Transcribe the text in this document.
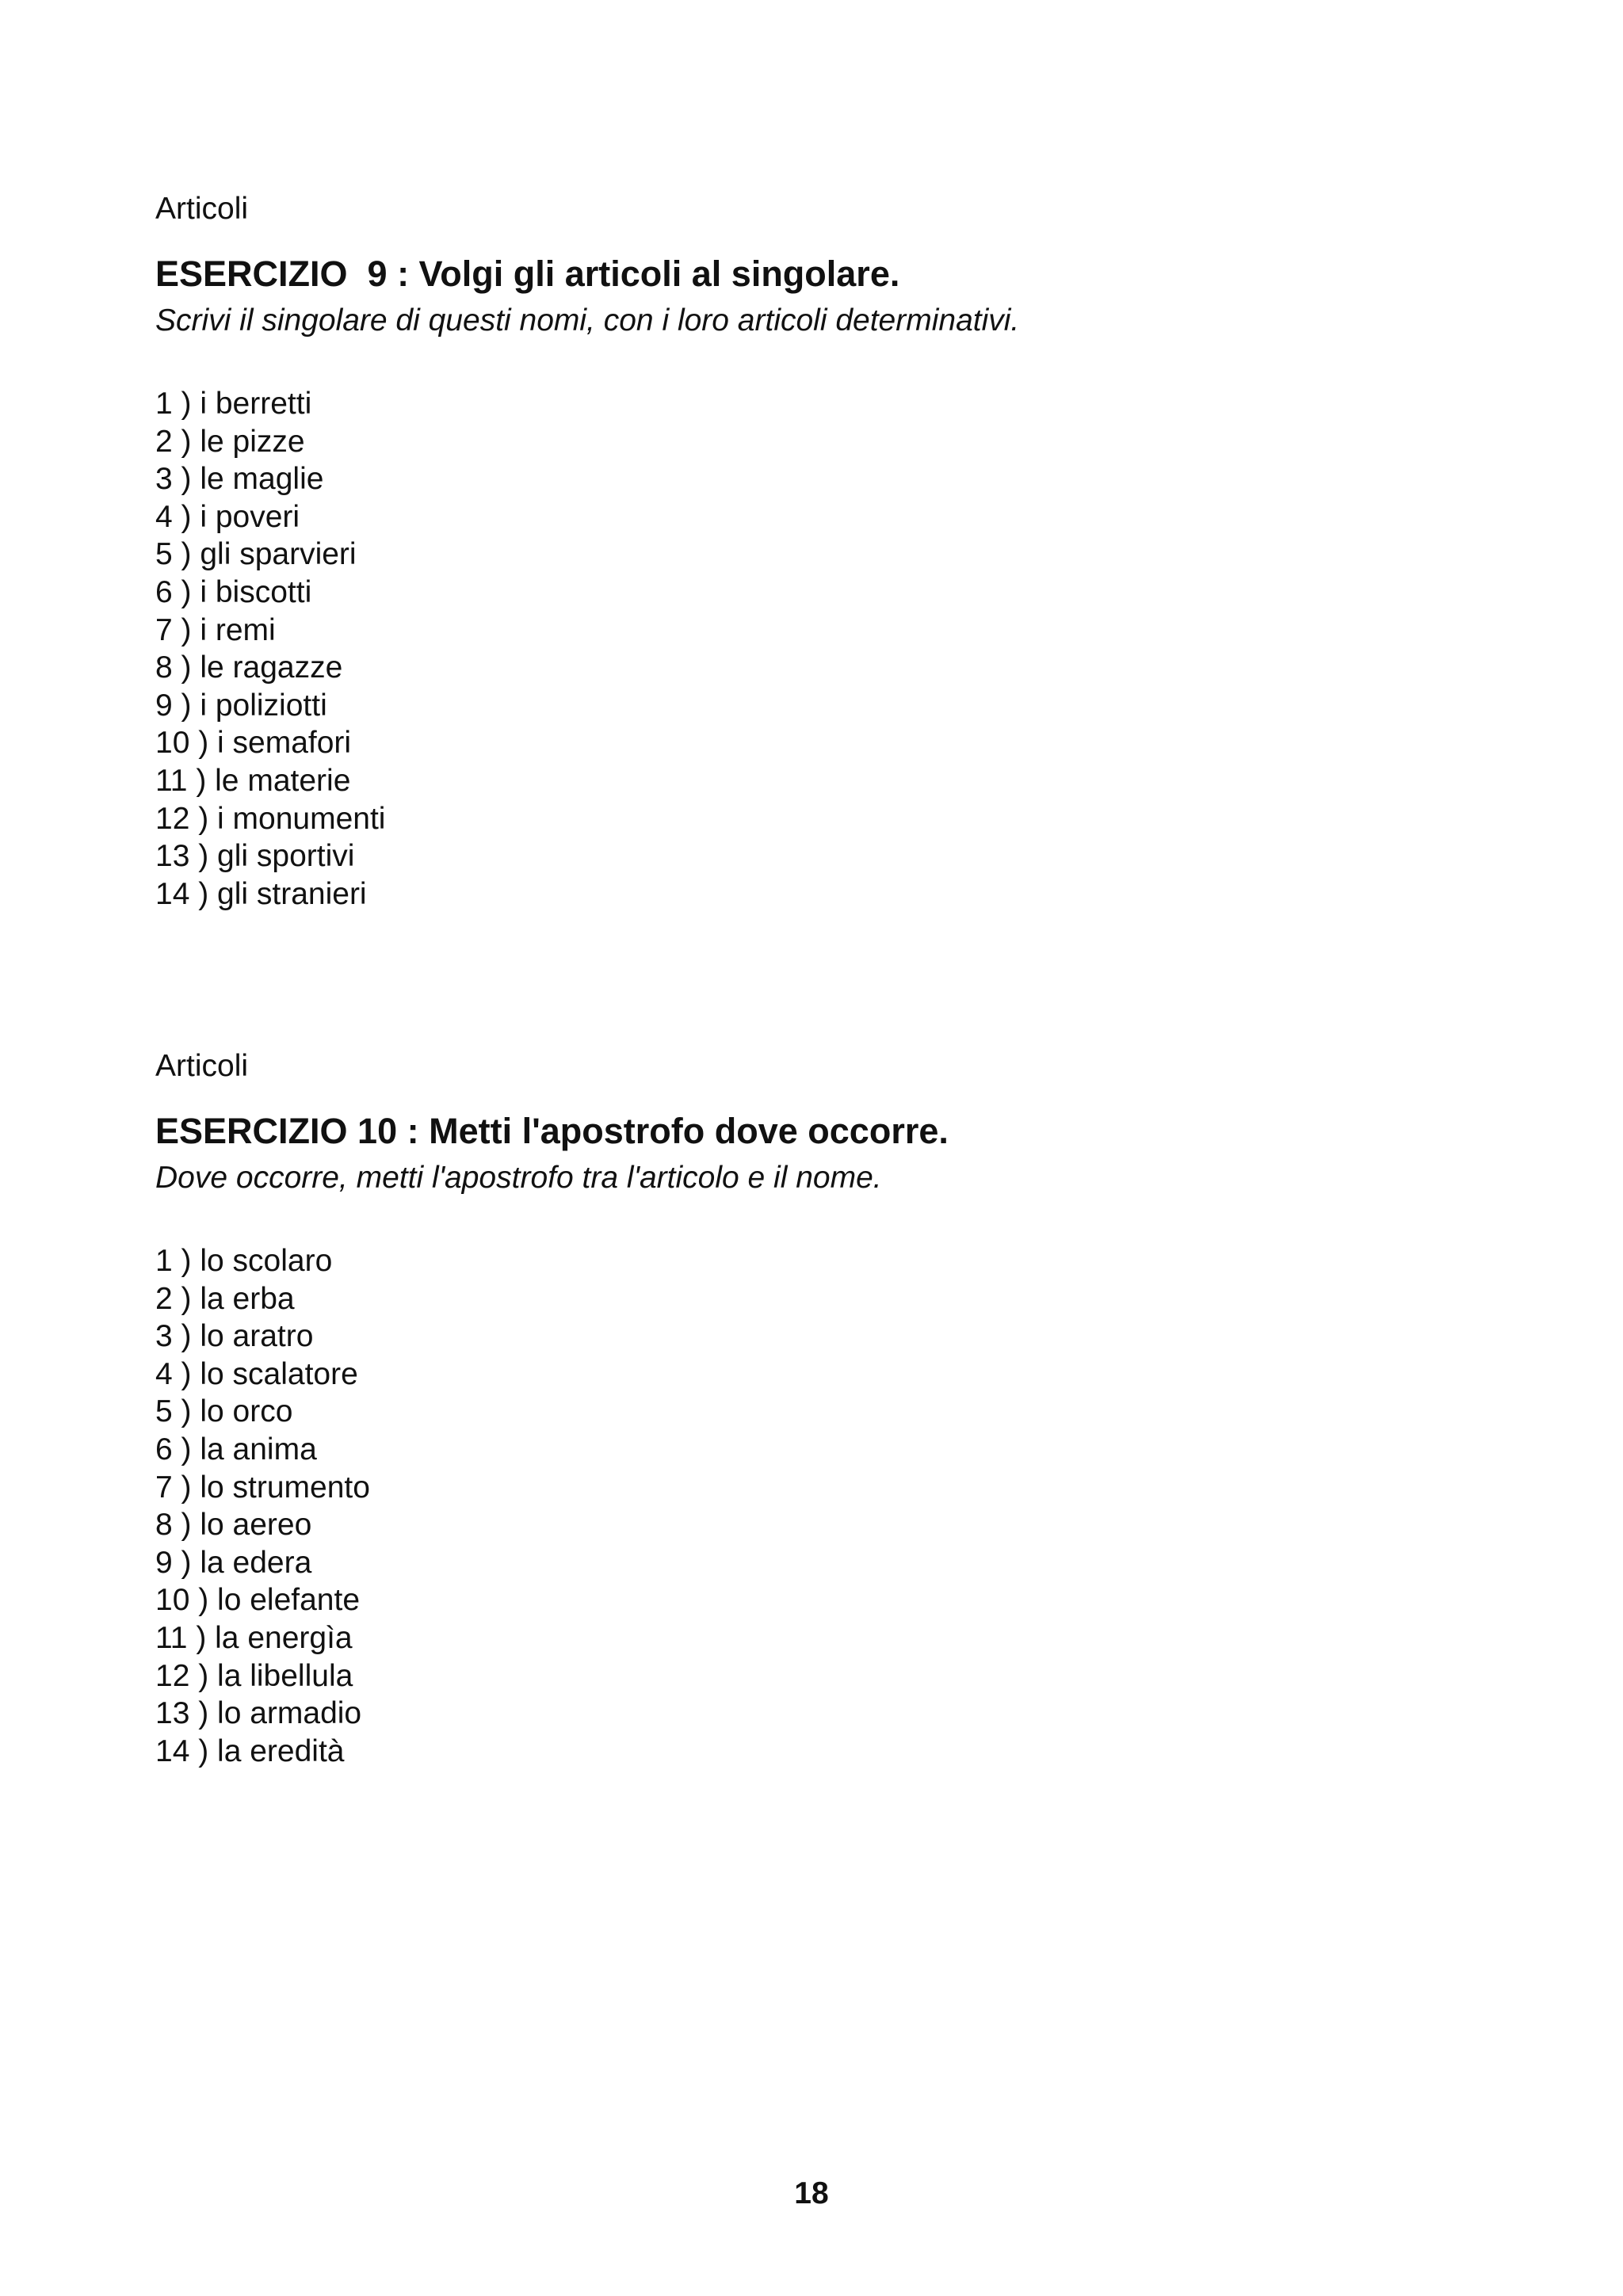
Articoli

ESERCIZIO  9 : Volgi gli articoli al singolare.

Scrivi il singolare di questi nomi, con i loro articoli determinativi.

1 ) i berretti
2 ) le pizze
3 ) le maglie
4 ) i poveri
5 ) gli sparvieri
6 ) i biscotti
7 ) i remi
8 ) le ragazze
9 ) i poliziotti
10 ) i semafori
11 ) le materie
12 ) i monumenti
13 ) gli sportivi
14 ) gli stranieri

Articoli

ESERCIZIO 10 : Metti l'apostrofo dove occorre.

Dove occorre, metti l'apostrofo tra l'articolo e il nome.

1 ) lo scolaro
2 ) la erba
3 ) lo aratro
4 ) lo scalatore
5 ) lo orco
6 ) la anima
7 ) lo strumento
8 ) lo aereo
9 ) la edera
10 ) lo elefante
11 ) la energìa
12 ) la libellula
13 ) lo armadio
14 ) la eredità
18
